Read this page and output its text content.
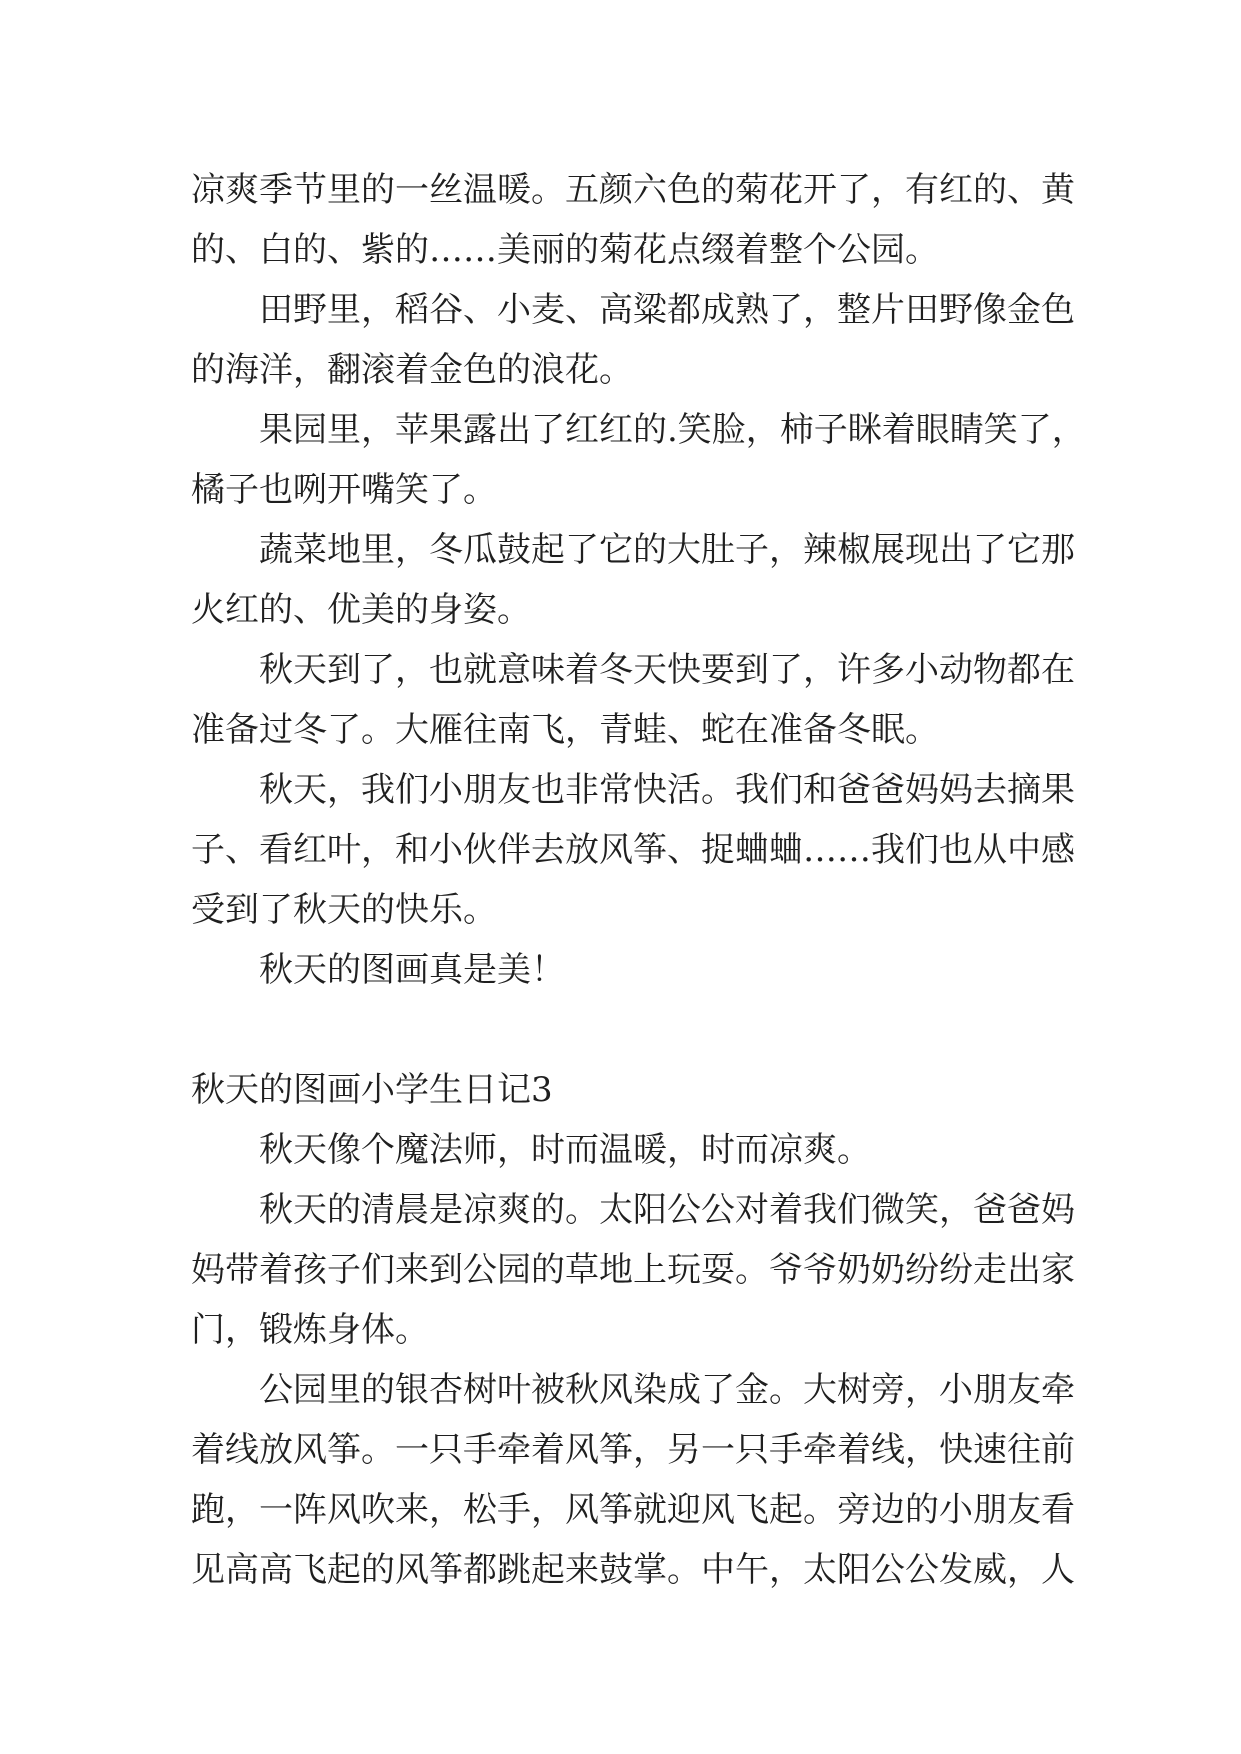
凉爽季节里的一丝温暖。五颜六色的菊花开了，有红的、黄
的、白的、紫的……美丽的菊花点缀着整个公园。
田野里，稻谷、小麦、高粱都成熟了，整片田野像金色
的海洋，翻滚着金色的浪花。
果园里，苹果露出了红红的.笑脸，柿子眯着眼睛笑了，
橘子也咧开嘴笑了。
蔬菜地里，冬瓜鼓起了它的大肚子，辣椒展现出了它那
火红的、优美的身姿。
秋天到了，也就意味着冬天快要到了，许多小动物都在
准备过冬了。大雁往南飞，青蛙、蛇在准备冬眠。
秋天，我们小朋友也非常快活。我们和爸爸妈妈去摘果
子、看红叶，和小伙伴去放风筝、捉蛐蛐……我们也从中感
受到了秋天的快乐。
秋天的图画真是美！
秋天的图画小学生日记3
秋天像个魔法师，时而温暖，时而凉爽。
秋天的清晨是凉爽的。太阳公公对着我们微笑，爸爸妈
妈带着孩子们来到公园的草地上玩耍。爷爷奶奶纷纷走出家
门，锻炼身体。
公园里的银杏树叶被秋风染成了金。大树旁，小朋友牵
着线放风筝。一只手牵着风筝，另一只手牵着线，快速往前
跑，一阵风吹来，松手，风筝就迎风飞起。旁边的小朋友看
见高高飞起的风筝都跳起来鼓掌。中午，太阳公公发威，人
